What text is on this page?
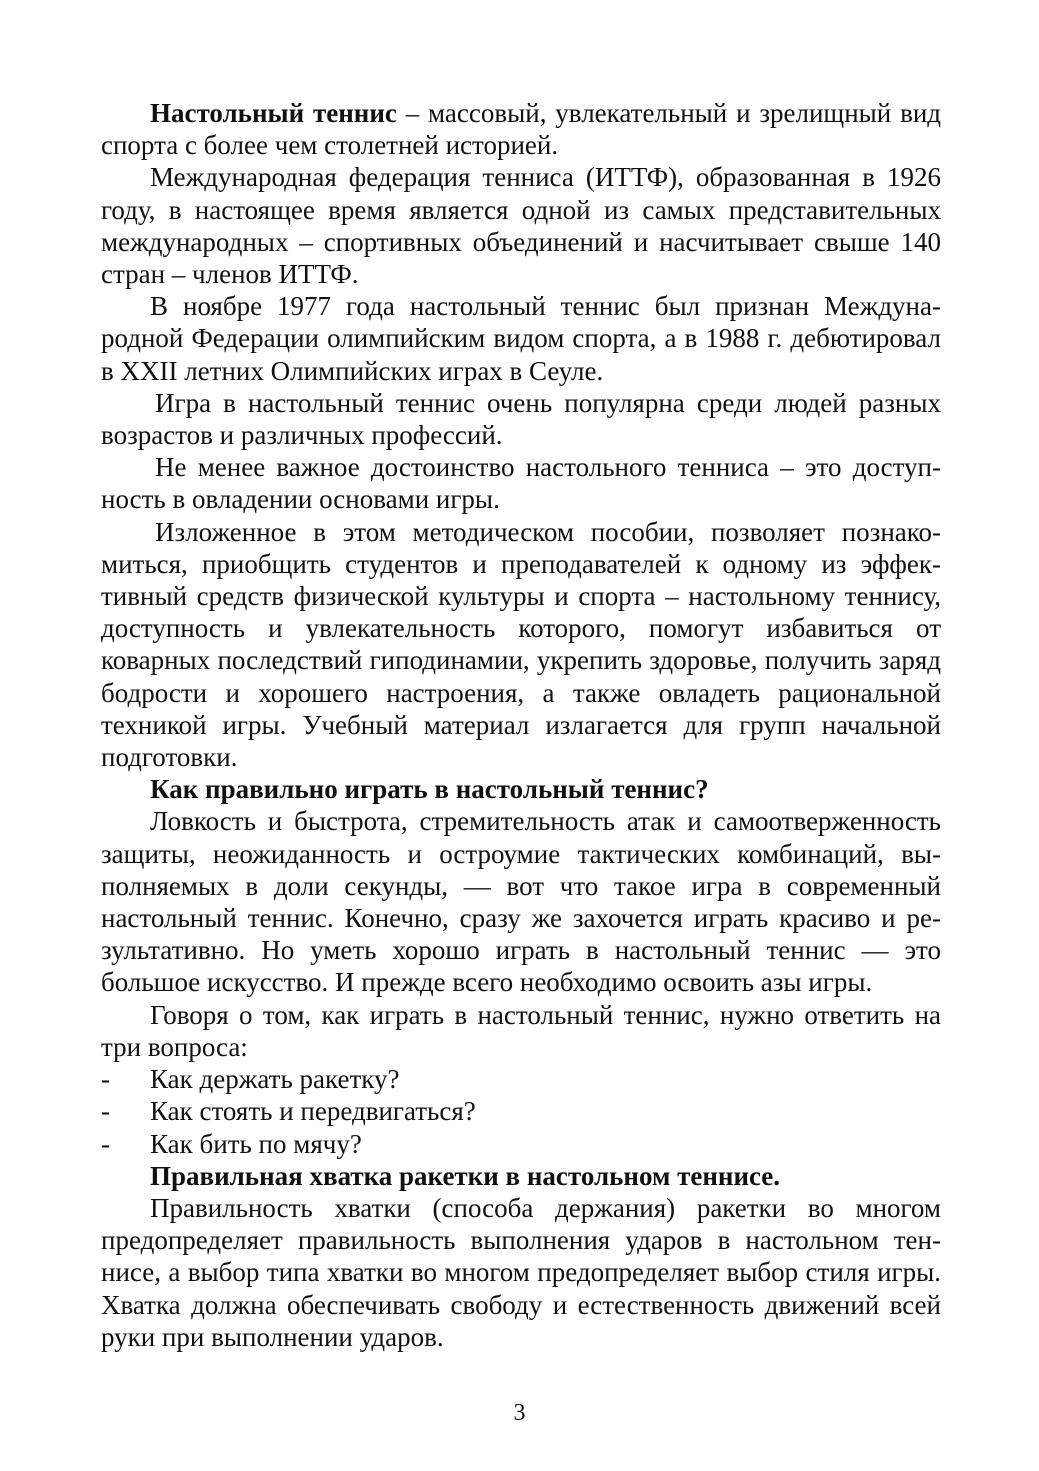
Настольный теннис – массовый, увлекательный и зрелищный вид спорта с более чем столетней историей.

Международная федерация тенниса (ИТТФ), образованная в 1926 году, в настоящее время является одной из самых представительных международных – спортивных объединений и насчитывает свыше 140 стран – членов ИТТФ.

В ноябре 1977 года настольный теннис был признан Международной Федерации олимпийским видом спорта, а в 1988 г. дебютировал в XXII летних Олимпийских играх в Сеуле.

Игра в настольный теннис очень популярна среди людей разных возрастов и различных профессий.

Не менее важное достоинство настольного тенниса – это доступность в овладении основами игры.

Изложенное в этом методическом пособии, позволяет познакомиться, приобщить студентов и преподавателей к одному из эффективный средств физической культуры и спорта – настольному теннису, доступность и увлекательность которого, помогут избавиться от коварных последствий гиподинамии, укрепить здоровье, получить заряд бодрости и хорошего настроения, а также овладеть рациональной техникой игры. Учебный материал излагается для групп начальной подготовки.

Как правильно играть в настольный теннис?

Ловкость и быстрота, стремительность атак и самоотверженность защиты, неожиданность и остроумие тактических комбинаций, выполняемых в доли секунды, — вот что такое игра в современный настольный теннис. Конечно, сразу же захочется играть красиво и результативно. Но уметь хорошо играть в настольный теннис — это большое искусство. И прежде всего необходимо освоить азы игры.

Говоря о том, как играть в настольный теннис, нужно ответить на три вопроса:

- Как держать ракетку?
- Как стоять и передвигаться?
- Как бить по мячу?

Правильная хватка ракетки в настольном теннисе.

Правильность хватки (способа держания) ракетки во многом предопределяет правильность выполнения ударов в настольном теннисе, а выбор типа хватки во многом предопределяет выбор стиля игры. Хватка должна обеспечивать свободу и естественность движений всей руки при выполнении ударов.

3
